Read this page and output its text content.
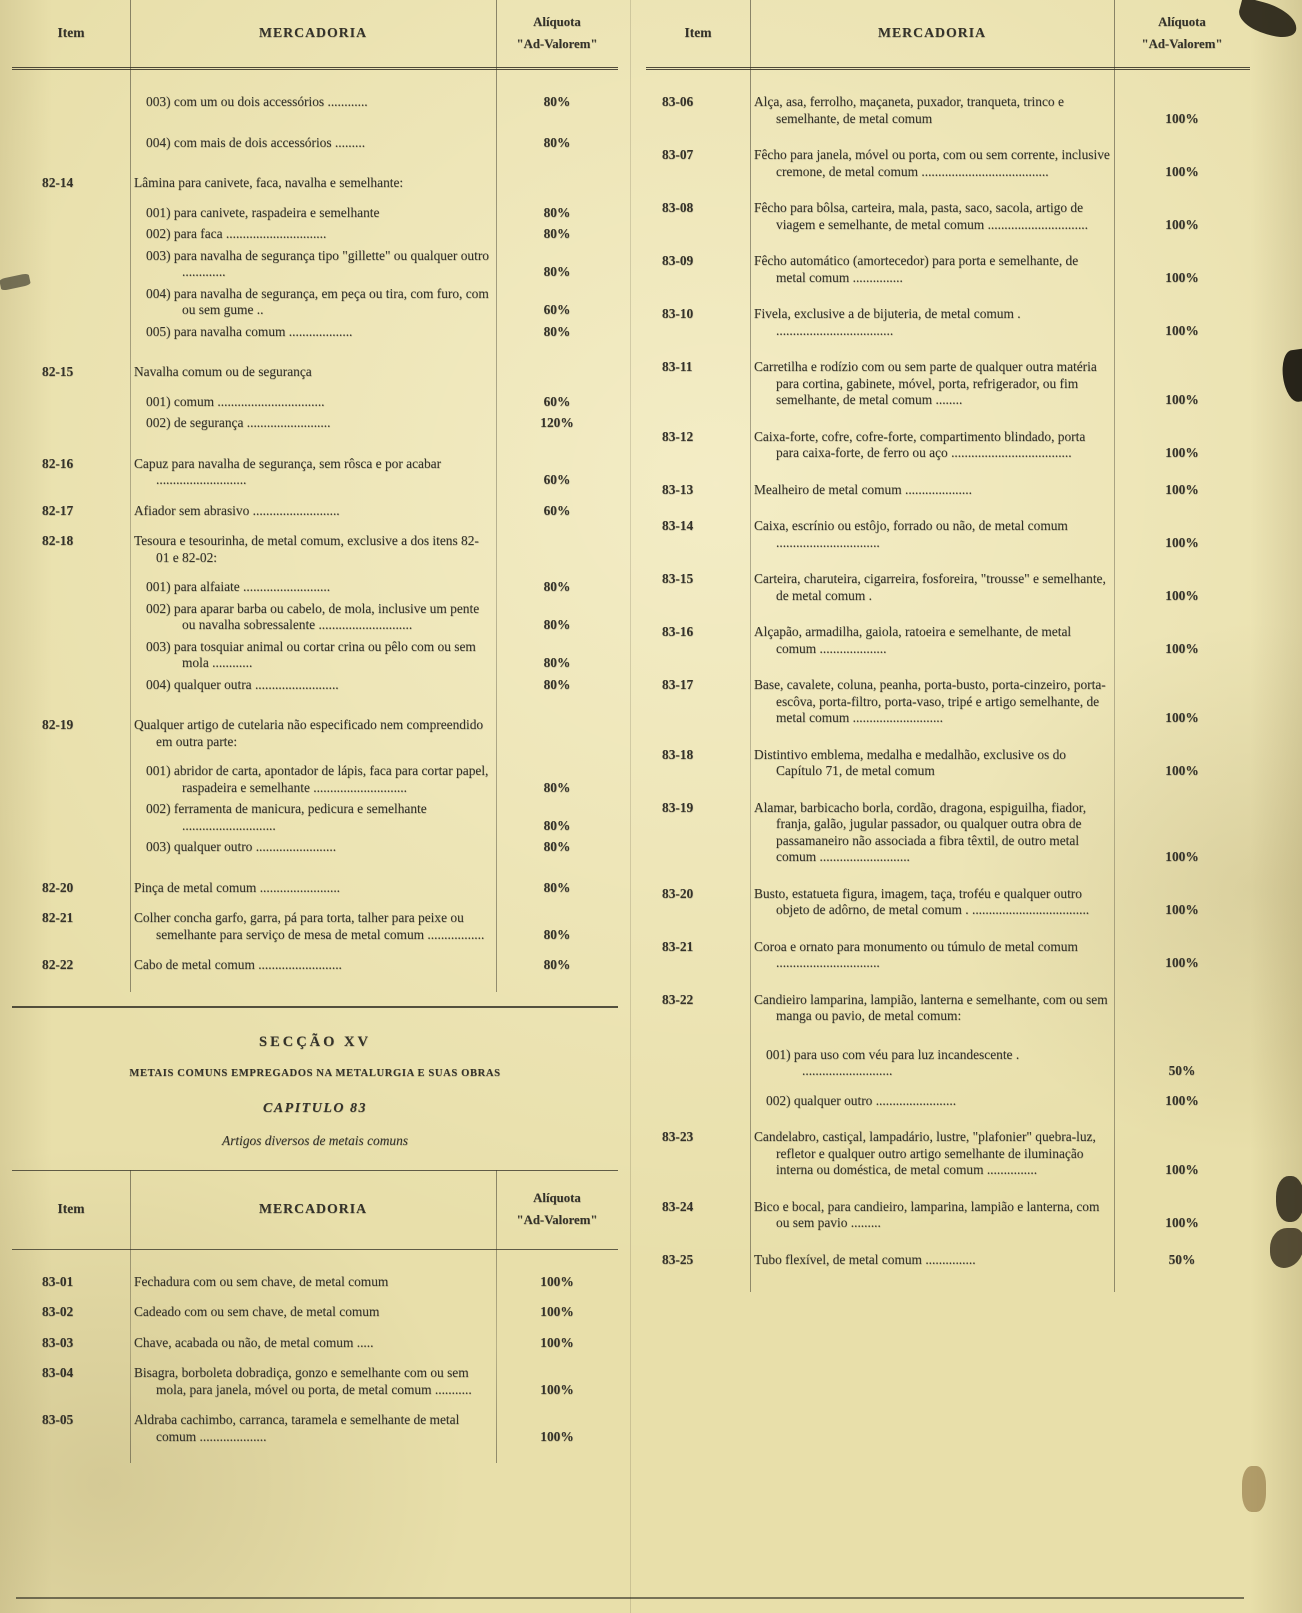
Item	MERCADORIA
Alíquota
"Ad-Valorem"
003) com um ou dois accessórios ............	80%
004) com mais de dois accessórios .........	80%
82-14	Lâmina para canivete, faca, navalha e semelhante:
001) para canivete, raspadeira e semelhante	80%
002) para faca ..............................	80%
003) para navalha de segurança tipo "gillette" ou qualquer outro .............	80%
004) para navalha de segurança, em peça ou tira, com furo, com ou sem gume ..	60%
005) para navalha comum ...................	80%
82-15	Navalha comum ou de segurança
001) comum ................................	60%
002) de segurança .........................	120%
82-16	Capuz para navalha de segurança, sem rôsca e por acabar ...........................	60%
82-17	Afiador sem abrasivo ..........................	60%
82-18	Tesoura e tesourinha, de metal comum, exclusive a dos itens 82-01 e 82-02:
001) para alfaiate ..........................	80%
002) para aparar barba ou cabelo, de mola, inclusive um pente ou navalha sobressalente ............................	80%
003) para tosquiar animal ou cortar crina ou pêlo com ou sem mola ............	80%
004) qualquer outra .........................	80%
82-19	Qualquer artigo de cutelaria não especificado nem compreendido em outra parte:
001) abridor de carta, apontador de lápis, faca para cortar papel, raspadeira e semelhante ............................	80%
002) ferramenta de manicura, pedicura e semelhante ............................	80%
003) qualquer outro ........................	80%
82-20	Pinça de metal comum ........................	80%
82-21	Colher concha garfo, garra, pá para torta, talher para peixe ou semelhante para serviço de mesa de metal comum .................	80%
82-22	Cabo de metal comum .........................	80%
SECÇÃO XV
METAIS COMUNS EMPREGADOS NA METALURGIA E SUAS OBRAS
CAPITULO 83
Artigos diversos de metais comuns
Item	MERCADORIA
Alíquota
"Ad-Valorem"
83-01	Fechadura com ou sem chave, de metal comum	100%
83-02	Cadeado com ou sem chave, de metal comum	100%
83-03	Chave, acabada ou não, de metal comum .....	100%
83-04	Bisagra, borboleta dobradiça, gonzo e semelhante com ou sem mola, para janela, móvel ou porta, de metal comum ...........	100%
83-05	Aldraba cachimbo, carranca, taramela e semelhante de metal comum ....................	100%
Item	MERCADORIA
Alíquota
"Ad-Valorem"
83-06	Alça, asa, ferrolho, maçaneta, puxador, tranqueta, trinco e semelhante, de metal comum	100%
83-07	Fêcho para janela, móvel ou porta, com ou sem corrente, inclusive cremone, de metal comum ......................................	100%
83-08	Fêcho para bôlsa, carteira, mala, pasta, saco, sacola, artigo de viagem e semelhante, de metal comum ..............................	100%
83-09	Fêcho automático (amortecedor) para porta e semelhante, de metal comum ...............	100%
83-10	Fivela, exclusive a de bijuteria, de metal comum . ...................................	100%
83-11	Carretilha e rodízio com ou sem parte de qualquer outra matéria para cortina, gabinete, móvel, porta, refrigerador, ou fim semelhante, de metal comum ........	100%
83-12	Caixa-forte, cofre, cofre-forte, compartimento blindado, porta para caixa-forte, de ferro ou aço ....................................	100%
83-13	Mealheiro de metal comum ....................	100%
83-14	Caixa, escrínio ou estôjo, forrado ou não, de metal comum ...............................	100%
83-15	Carteira, charuteira, cigarreira, fosforeira, "trousse" e semelhante, de metal comum .	100%
83-16	Alçapão, armadilha, gaiola, ratoeira e semelhante, de metal comum ....................	100%
83-17	Base, cavalete, coluna, peanha, porta-busto, porta-cinzeiro, porta-escôva, porta-filtro, porta-vaso, tripé e artigo semelhante, de metal comum ...........................	100%
83-18	Distintivo emblema, medalha e medalhão, exclusive os do Capítulo 71, de metal comum	100%
83-19	Alamar, barbicacho borla, cordão, dragona, espiguilha, fiador, franja, galão, jugular passador, ou qualquer outra obra de passamaneiro não associada a fibra têxtil, de outro metal comum ...........................	100%
83-20	Busto, estatueta figura, imagem, taça, troféu e qualquer outro objeto de adôrno, de metal comum . ...................................	100%
83-21	Coroa e ornato para monumento ou túmulo de metal comum ...............................	100%
83-22	Candieiro lamparina, lampião, lanterna e semelhante, com ou sem manga ou pavio, de metal comum:
001) para uso com véu para luz incandescente . ...........................	50%
002) qualquer outro ........................	100%
83-23	Candelabro, castiçal, lampadário, lustre, "plafonier" quebra-luz, refletor e qualquer outro artigo semelhante de iluminação interna ou doméstica, de metal comum ...............	100%
83-24	Bico e bocal, para candieiro, lamparina, lampião e lanterna, com ou sem pavio .........	100%
83-25	Tubo flexível, de metal comum ...............	50%
